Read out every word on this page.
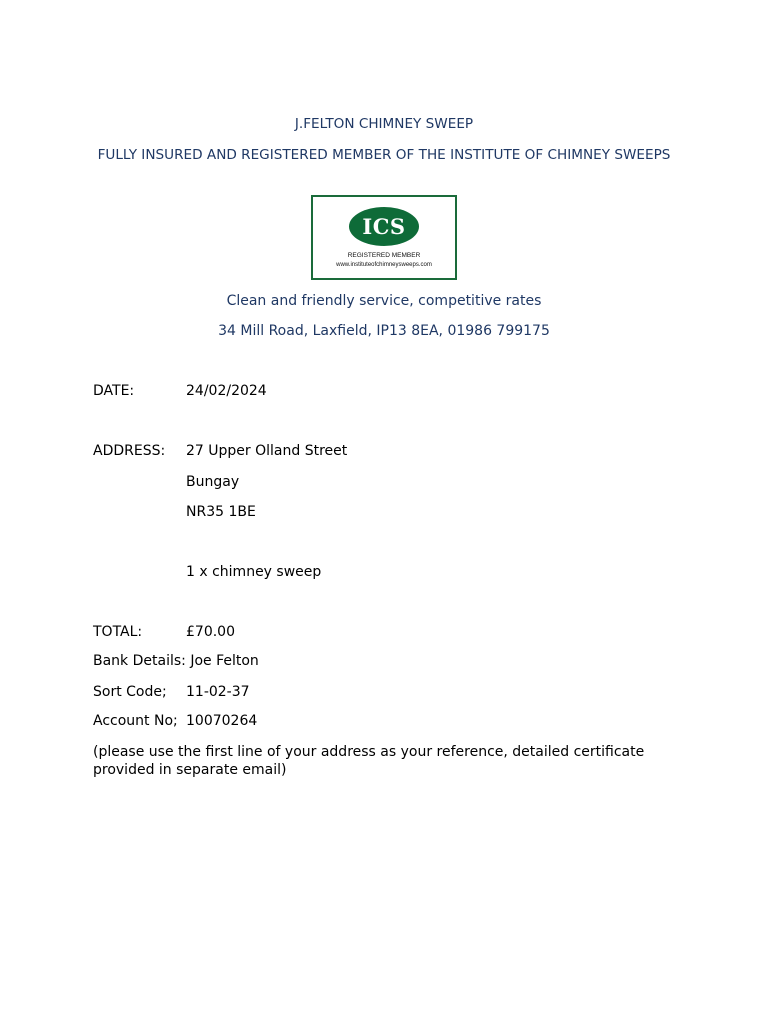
J.FELTON CHIMNEY SWEEP
FULLY INSURED AND REGISTERED MEMBER OF THE INSTITUTE OF CHIMNEY SWEEPS
ICS
REGISTERED MEMBER
www.instituteofchimneysweeps.com
Clean and friendly service, competitive rates
34 Mill Road, Laxfield, IP13 8EA, 01986 799175
DATE:	24/02/2024
ADDRESS: 27 Upper Olland Street
Bungay
NR35 1BE
1 x chimney sweep
TOTAL:	£70.00
Bank Details: Joe Felton
Sort Code; 11-02-37
Account No; 10070264
(please use the first line of your address as your reference, detailed certificate provided in separate email)
